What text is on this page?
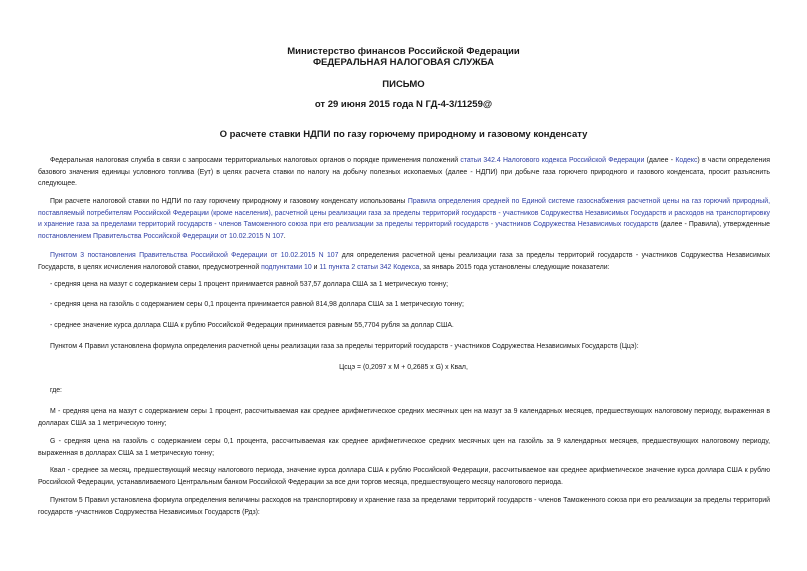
Министерство финансов Российской Федерации
ФЕДЕРАЛЬНАЯ НАЛОГОВАЯ СЛУЖБА
ПИСЬМО
от 29 июня 2015 года N ГД-4-3/11259@
О расчете ставки НДПИ по газу горючему природному и газовому конденсату
Федеральная налоговая служба в связи с запросами территориальных налоговых органов о порядке применения положений статьи 342.4 Налогового кодекса Российской Федерации (далее - Кодекс) в части определения базового значения единицы условного топлива (Еут) в целях расчета ставки по налогу на добычу полезных ископаемых (далее - НДПИ) при добыче газа горючего природного и газового конденсата, просит разъяснить следующее.
При расчете налоговой ставки по НДПИ по газу горючему природному и газовому конденсату использованы Правила определения средней по Единой системе газоснабжения расчетной цены на газ горючий природный, поставляемый потребителям Российской Федерации (кроме населения), расчетной цены реализации газа за пределы территорий государств - участников Содружества Независимых Государств и расходов на транспортировку и хранение газа за пределами территорий государств - членов Таможенного союза при его реализации за пределы территорий государств - участников Содружества Независимых государств (далее - Правила), утвержденные постановлением Правительства Российской Федерации от 10.02.2015 N 107.
Пунктом 3 постановления Правительства Российской Федерации от 10.02.2015 N 107 для определения расчетной цены реализации газа за пределы территорий государств - участников Содружества Независимых Государств, в целях исчисления налоговой ставки, предусмотренной подпунктами 10 и 11 пункта 2 статьи 342 Кодекса, за январь 2015 года установлены следующие показатели:
- средняя цена на мазут с содержанием серы 1 процент принимается равной 537,57 доллара США за 1 метрическую тонну;
- средняя цена на газойль с содержанием серы 0,1 процента принимается равной 814,98 доллара США за 1 метрическую тонну;
- среднее значение курса доллара США к рублю Российской Федерации принимается равным 55,7704 рубля за доллар США.
Пунктом 4 Правил установлена формула определения расчетной цены реализации газа за пределы территорий государств - участников Содружества Независимых Государств (Ццэ):
Цсцэ = (0,2097 x M + 0,2685 x G) x Квал,
где:
М - средняя цена на мазут с содержанием серы 1 процент, рассчитываемая как среднее арифметическое средних месячных цен на мазут за 9 календарных месяцев, предшествующих налоговому периоду, выраженная в долларах США за 1 метрическую тонну;
G - средняя цена на газойль с содержанием серы 0,1 процента, рассчитываемая как среднее арифметическое средних месячных цен на газойль за 9 календарных месяцев, предшествующих налоговому периоду, выраженная в долларах США за 1 метрическую тонну;
Квал - среднее за месяц, предшествующий месяцу налогового периода, значение курса доллара США к рублю Российской Федерации, рассчитываемое как среднее арифметическое значение курса доллара США к рублю Российской Федерации, устанавливаемого Центральным банком Российской Федерации за все дни торгов месяца, предшествующего месяцу налогового периода.
Пунктом 5 Правил установлена формула определения величины расходов на транспортировку и хранение газа за пределами территорий государств - членов Таможенного союза при его реализации за пределы территорий государств -участников Содружества Независимых Государств (Рдз):
